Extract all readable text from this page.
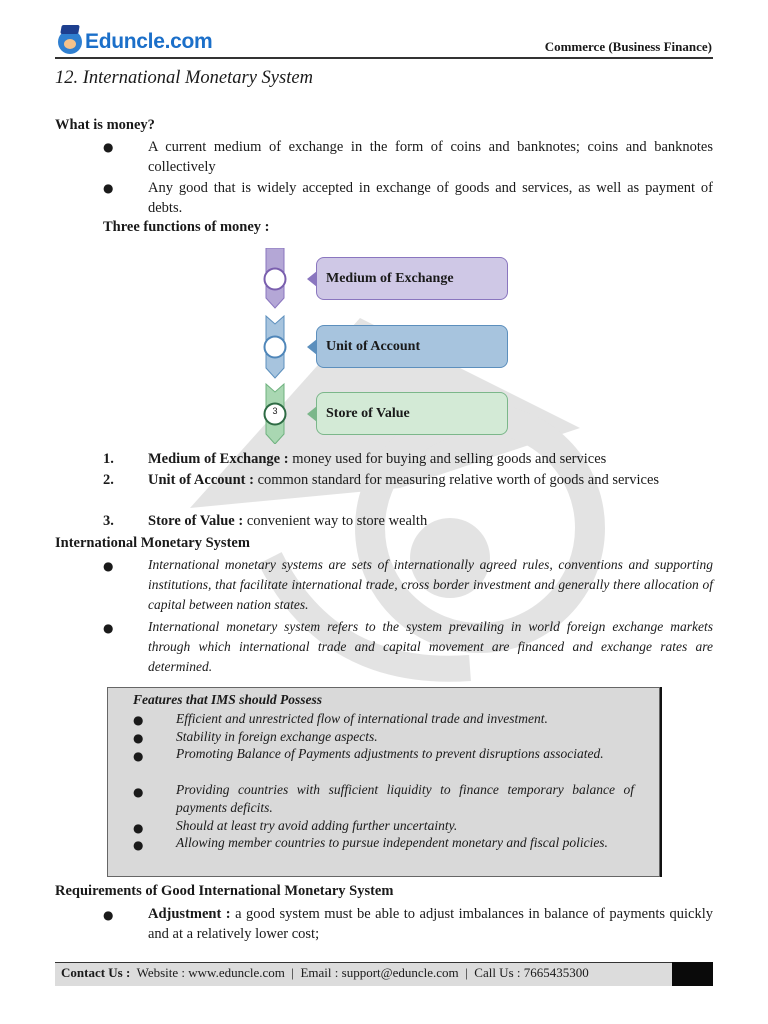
Eduncle.com	Commerce (Business Finance)
12. International Monetary System
What is money?
● A current medium of exchange in the form of coins and banknotes; coins and banknotes collectively
● Any good that is widely accepted in exchange of goods and services, as well as payment of debts.
Three functions of money :
3
Medium of Exchange
Unit of Account
Store of Value
1. Medium of Exchange : money used for buying and selling goods and services
2. Unit of Account : common standard for measuring relative worth of goods and services
3. Store of Value : convenient way to store wealth
International Monetary System
●	International monetary systems are sets of internationally agreed rules, conventions and supporting institutions, that facilitate international trade, cross border investment and generally there allocation of capital between nation states.
●	International monetary system refers to the system prevailing in world foreign exchange markets through which international trade and capital movement are financed and exchange rates are determined.
Features that IMS should Possess
● Efficient and unrestricted flow of international trade and investment.
● Stability in foreign exchange aspects.
● Promoting Balance of Payments adjustments to prevent disruptions associated.
● Providing countries with sufficient liquidity to finance temporary balance of payments deficits.
● Should at least try avoid adding further uncertainty.
● Allowing member countries to pursue independent monetary and fiscal policies.
Requirements of Good International Monetary System
● Adjustment : a good system must be able to adjust imbalances in balance of payments quickly and at a relatively lower cost;
Contact Us :  Website : www.eduncle.com  |  Email : support@eduncle.com  |  Call Us : 7665435300
